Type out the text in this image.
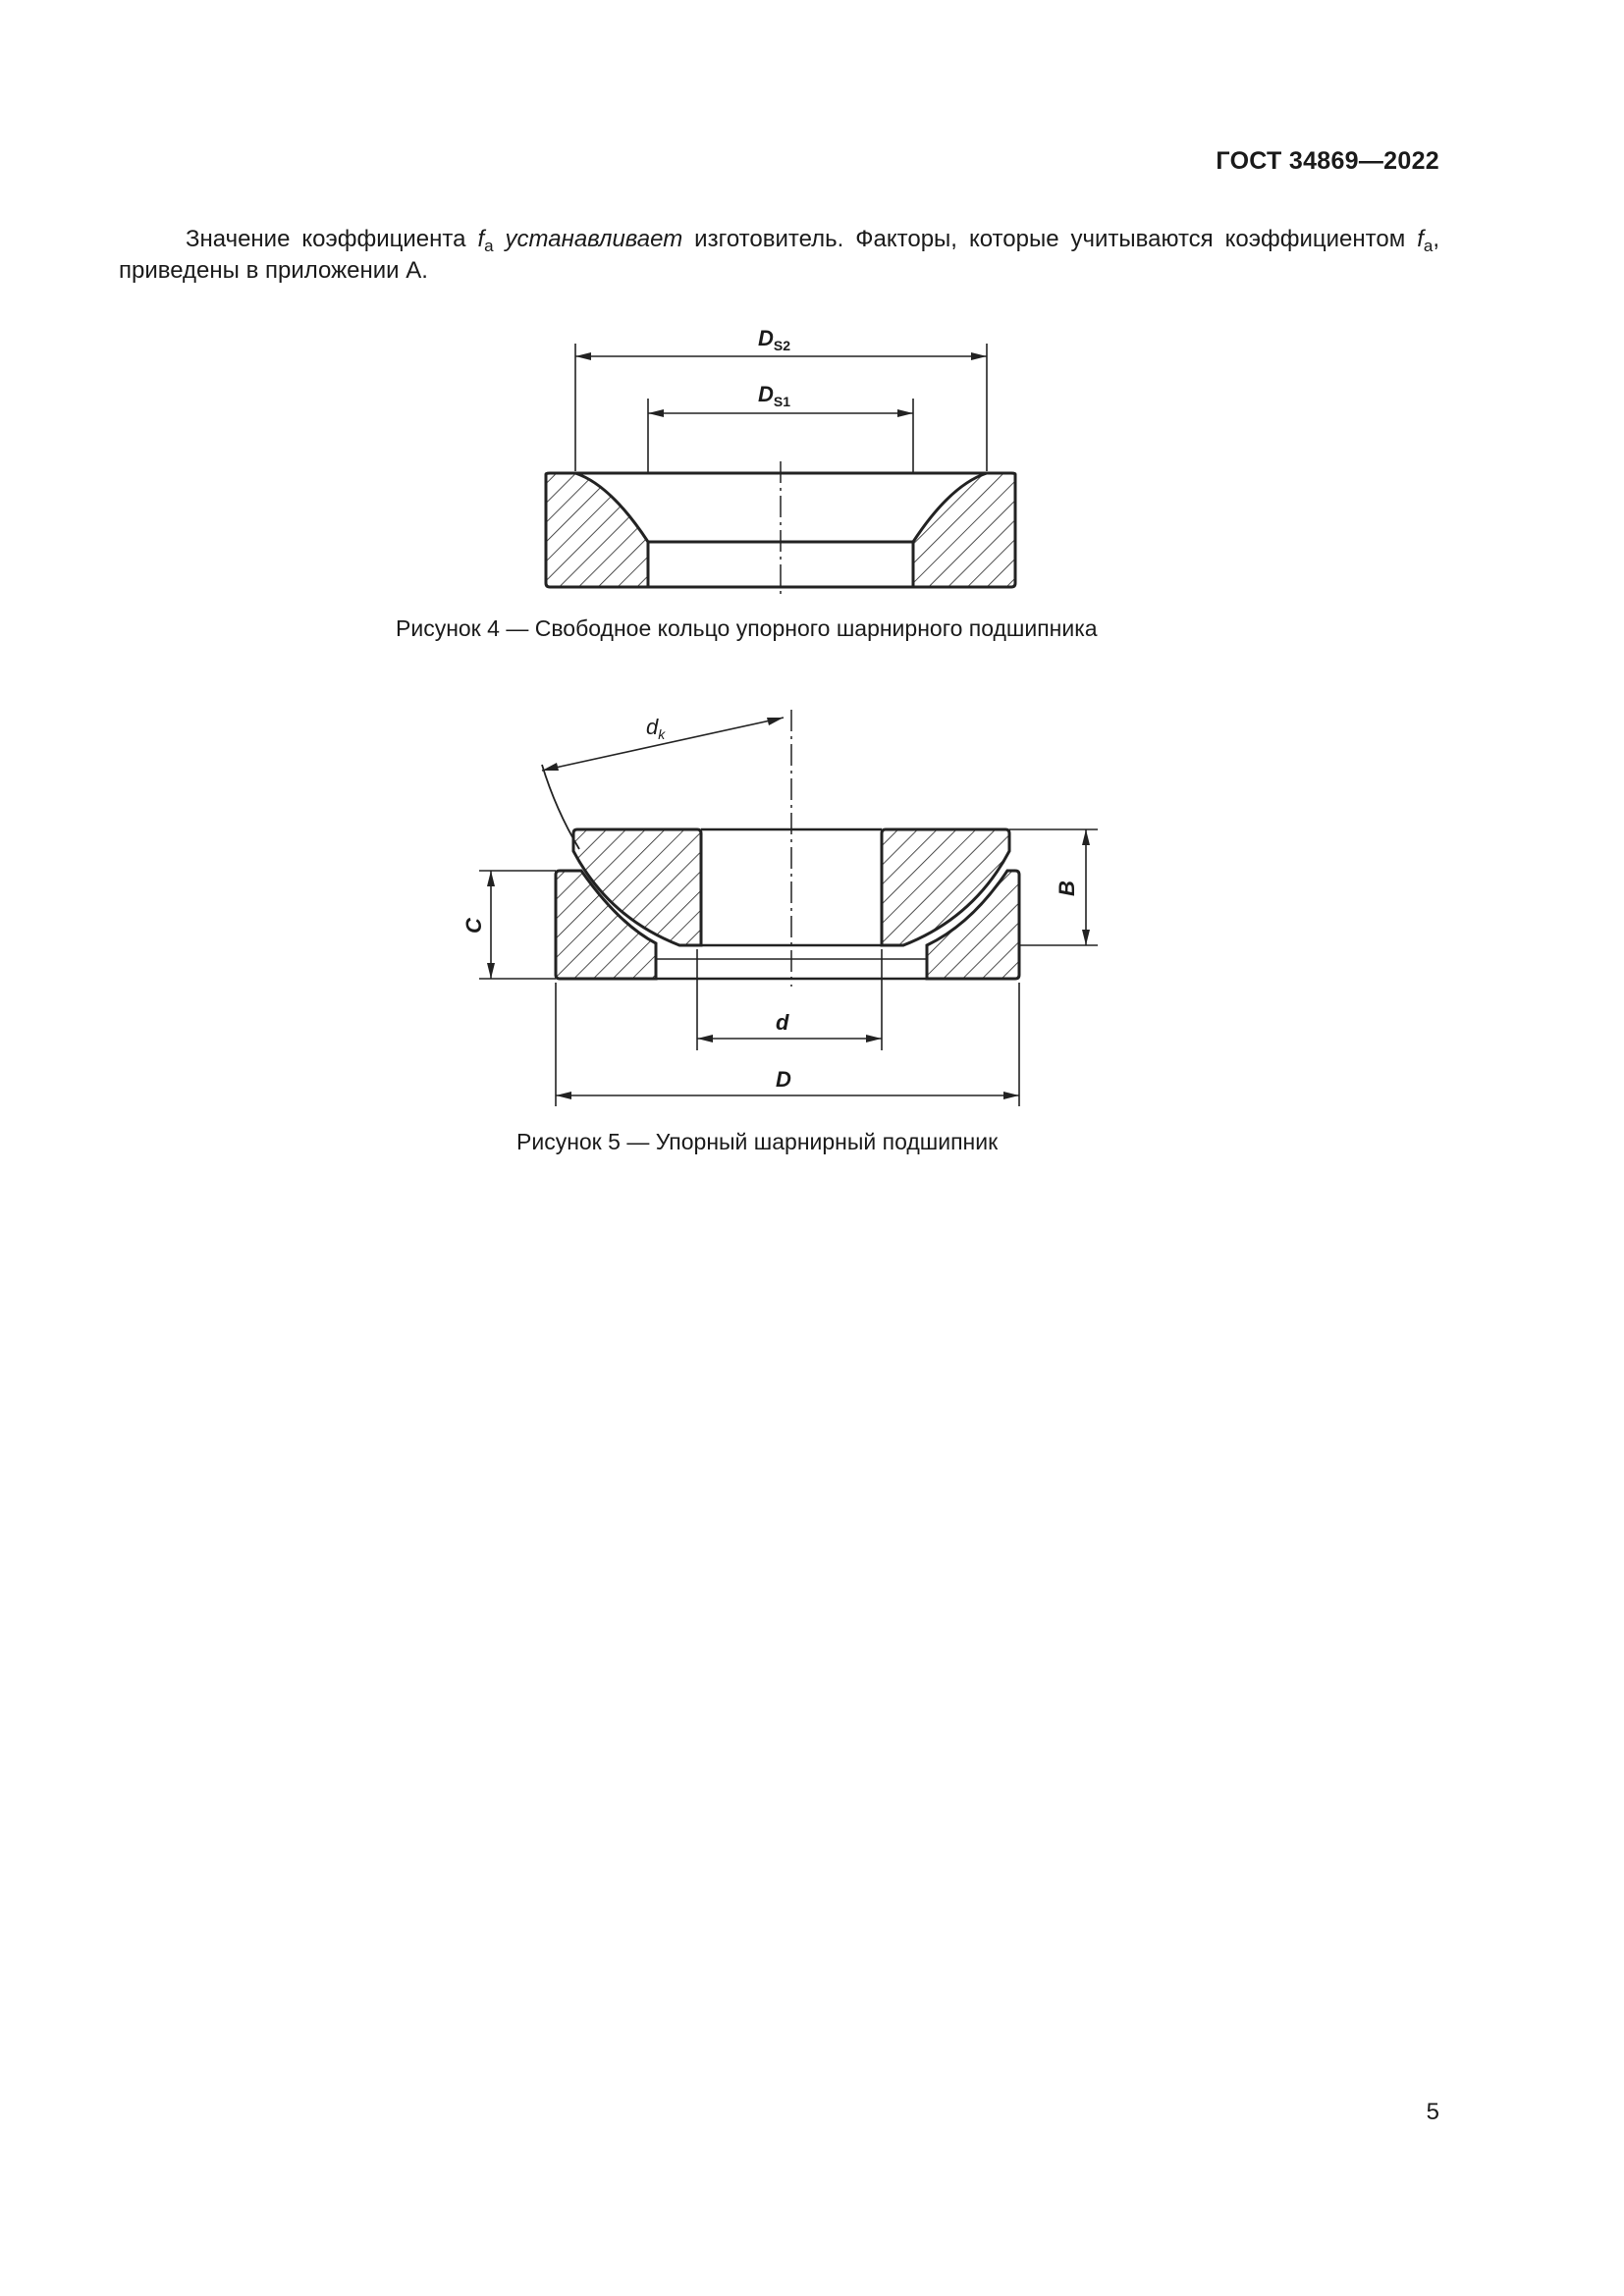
ГОСТ 34869—2022
Значение коэффициента $f_a$ устанавливает изготовитель. Факторы, которые учитываются коэффициентом $f_a$, приведены в приложении А.
$D_{S2}$
$D_{S1}$
Рисунок 4 — Свободное кольцо упорного шарнирного подшипника
$d_k$
C
B
d
D
Рисунок 5 — Упорный шарнирный подшипник
5
